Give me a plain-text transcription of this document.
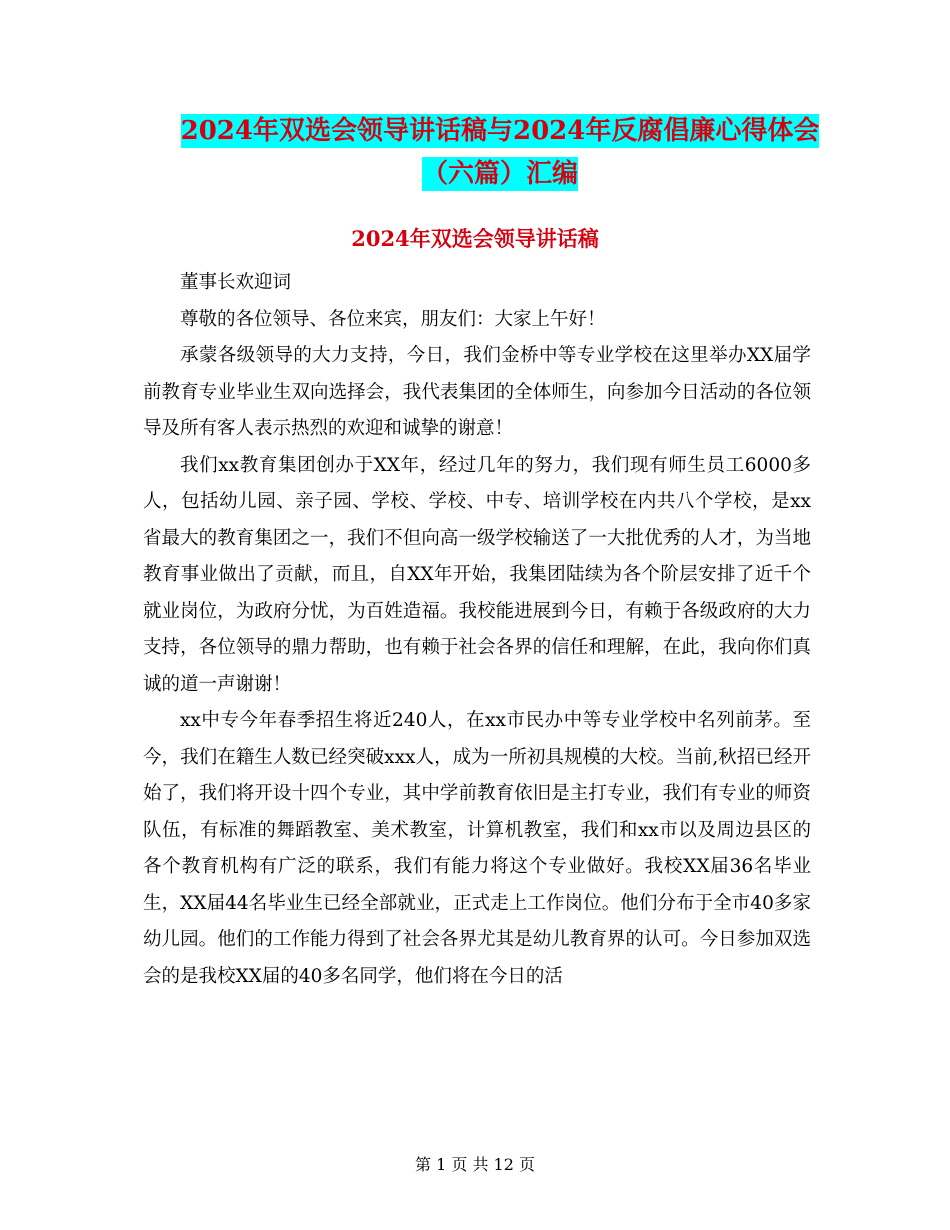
2024年双选会领导讲话稿与2024年反腐倡廉心得体会
（六篇）汇编
2024年双选会领导讲话稿

董事长欢迎词

尊敬的各位领导、各位来宾，朋友们：大家上午好！

承蒙各级领导的大力支持，今日，我们金桥中等专业学校在这里举办XX届学前教育专业毕业生双向选择会，我代表集团的全体师生，向参加今日活动的各位领导及所有客人表示热烈的欢迎和诚挚的谢意！

我们xx教育集团创办于XX年，经过几年的努力，我们现有师生员工6000多人，包括幼儿园、亲子园、学校、学校、中专、培训学校在内共八个学校，是xx省最大的教育集团之一，我们不但向高一级学校输送了一大批优秀的人才，为当地教育事业做出了贡献，而且，自XX年开始，我集团陆续为各个阶层安排了近千个就业岗位，为政府分忧，为百姓造福。我校能进展到今日，有赖于各级政府的大力支持，各位领导的鼎力帮助，也有赖于社会各界的信任和理解，在此，我向你们真诚的道一声谢谢！

xx中专今年春季招生将近240人，在xx市民办中等专业学校中名列前茅。至今，我们在籍生人数已经突破xxx人，成为一所初具规模的大校。当前,秋招已经开始了，我们将开设十四个专业，其中学前教育依旧是主打专业，我们有专业的师资队伍，有标准的舞蹈教室、美术教室，计算机教室，我们和xx市以及周边县区的各个教育机构有广泛的联系，我们有能力将这个专业做好。我校XX届36名毕业生，XX届44名毕业生已经全部就业，正式走上工作岗位。他们分布于全市40多家幼儿园。他们的工作能力得到了社会各界尤其是幼儿教育界的认可。今日参加双选会的是我校XX届的40多名同学，他们将在今日的活

第 1 页 共 12 页
